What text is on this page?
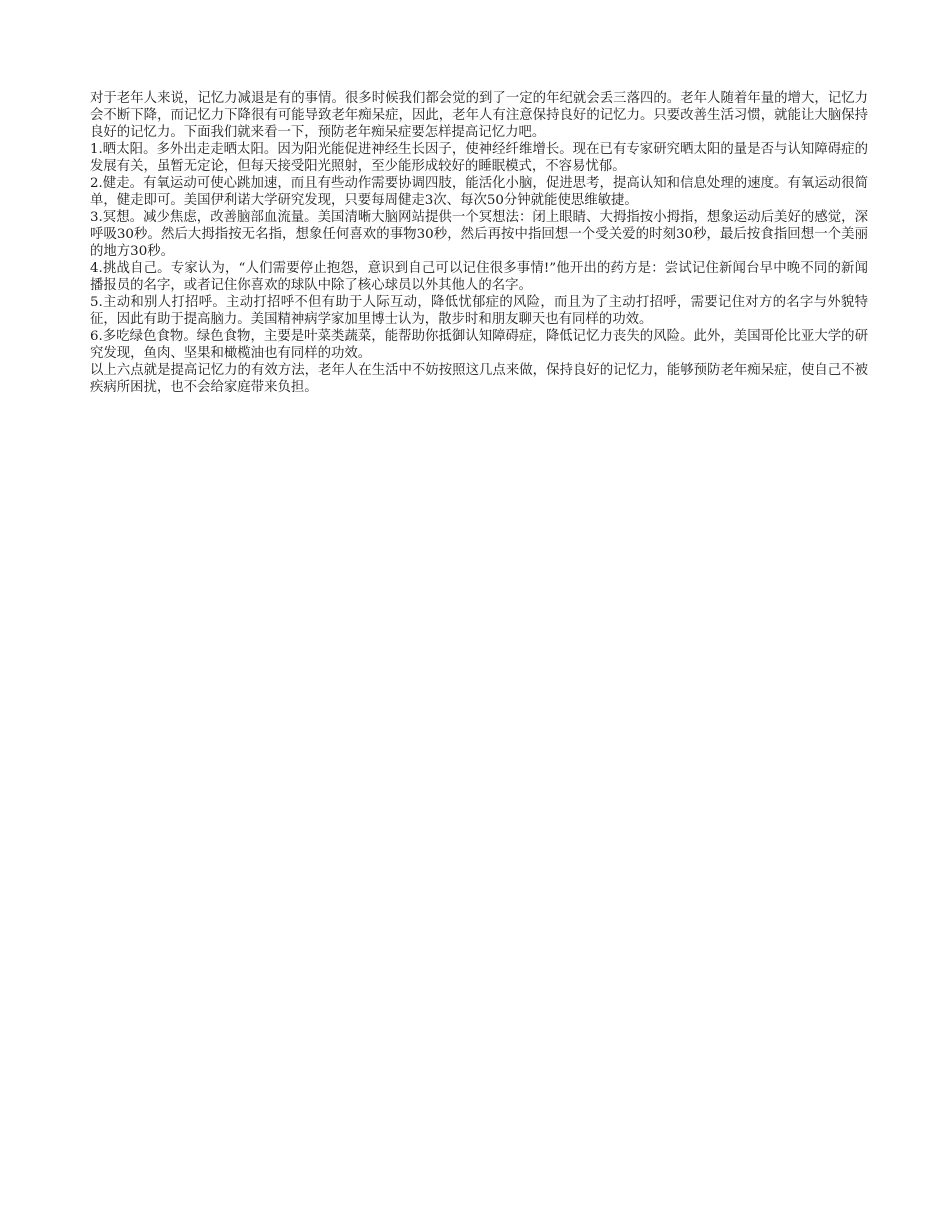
对于老年人来说，记忆力减退是有的事情。很多时候我们都会觉的到了一定的年纪就会丢三落四的。老年人随着年量的增大，记忆力会不断下降，而记忆力下降很有可能导致老年痴呆症，因此，老年人有注意保持良好的记忆力。只要改善生活习惯，就能让大脑保持良好的记忆力。下面我们就来看一下，预防老年痴呆症要怎样提高记忆力吧。

1.晒太阳。多外出走走晒太阳。因为阳光能促进神经生长因子，使神经纤维增长。现在已有专家研究晒太阳的量是否与认知障碍症的发展有关，虽暂无定论，但每天接受阳光照射，至少能形成较好的睡眠模式，不容易忧郁。

2.健走。有氧运动可使心跳加速，而且有些动作需要协调四肢，能活化小脑，促进思考，提高认知和信息处理的速度。有氧运动很简单，健走即可。美国伊利诺大学研究发现，只要每周健走3次、每次50分钟就能使思维敏捷。

3.冥想。减少焦虑，改善脑部血流量。美国清晰大脑网站提供一个冥想法：闭上眼睛、大拇指按小拇指，想象运动后美好的感觉，深呼吸30秒。然后大拇指按无名指，想象任何喜欢的事物30秒，然后再按中指回想一个受关爱的时刻30秒，最后按食指回想一个美丽的地方30秒。

4.挑战自己。专家认为，“人们需要停止抱怨，意识到自己可以记住很多事情!”他开出的药方是：尝试记住新闻台早中晚不同的新闻播报员的名字，或者记住你喜欢的球队中除了核心球员以外其他人的名字。

5.主动和别人打招呼。主动打招呼不但有助于人际互动，降低忧郁症的风险，而且为了主动打招呼，需要记住对方的名字与外貌特征，因此有助于提高脑力。美国精神病学家加里博士认为，散步时和朋友聊天也有同样的功效。

6.多吃绿色食物。绿色食物，主要是叶菜类蔬菜，能帮助你抵御认知障碍症，降低记忆力丧失的风险。此外，美国哥伦比亚大学的研究发现，鱼肉、坚果和橄榄油也有同样的功效。

以上六点就是提高记忆力的有效方法，老年人在生活中不妨按照这几点来做，保持良好的记忆力，能够预防老年痴呆症，使自己不被疾病所困扰，也不会给家庭带来负担。
